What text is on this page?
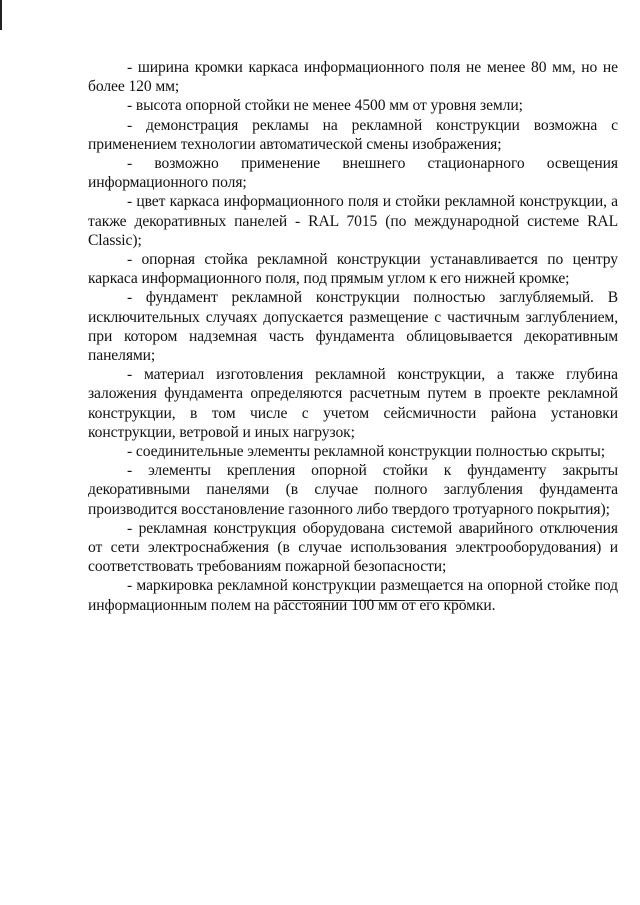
- ширина кромки каркаса информационного поля не менее 80 мм, но не более 120 мм;

- высота опорной стойки не менее 4500 мм от уровня земли;

- демонстрация рекламы на рекламной конструкции возможна с применением технологии автоматической смены изображения;

- возможно применение внешнего стационарного освещения информационного поля;

- цвет каркаса информационного поля и стойки рекламной конструкции, а также декоративных панелей - RAL 7015 (по международной системе RAL Classic);

- опорная стойка рекламной конструкции устанавливается по центру каркаса информационного поля, под прямым углом к его нижней кромке;

- фундамент рекламной конструкции полностью заглубляемый. В исключительных случаях допускается размещение с частичным заглублением, при котором надземная часть фундамента облицовывается декоративным панелями;

- материал изготовления рекламной конструкции, а также глубина заложения фундамента определяются расчетным путем в проекте рекламной конструкции, в том числе с учетом сейсмичности района установки конструкции, ветровой и иных нагрузок;

- соединительные элементы рекламной конструкции полностью скрыты;

- элементы крепления опорной стойки к фундаменту закрыты декоративными панелями (в случае полного заглубления фундамента производится восстановление газонного либо твердого тротуарного покрытия);

- рекламная конструкция оборудована системой аварийного отключения от сети электроснабжения (в случае использования электрооборудования) и соответствовать требованиям пожарной безопасности;

- маркировка рекламной конструкции размещается на опорной стойке под информационным полем на расстоянии 100 мм от его кромки.
